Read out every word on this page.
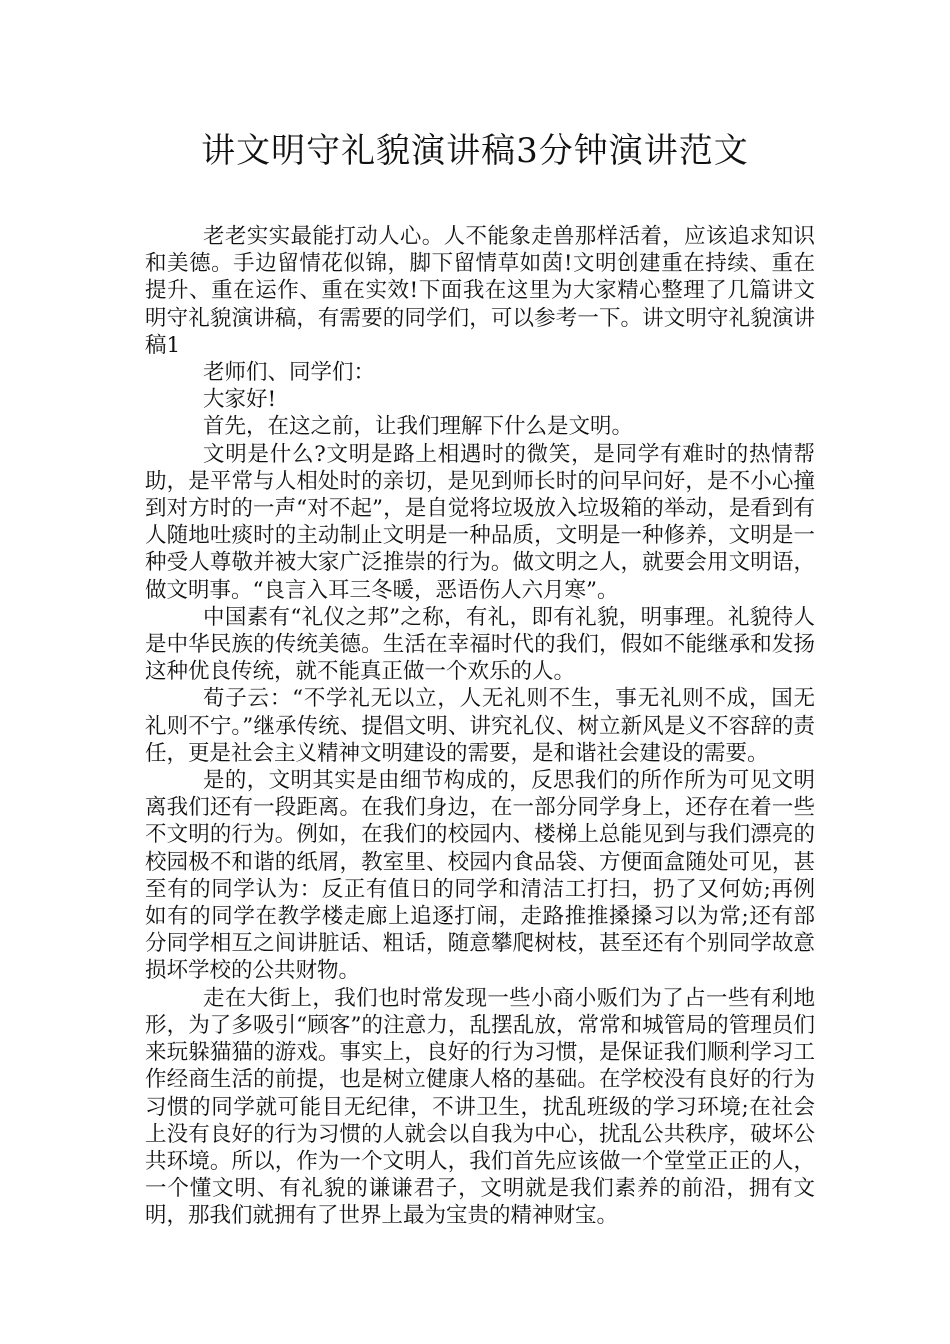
讲文明守礼貌演讲稿3分钟演讲范文

老老实实最能打动人心。人不能象走兽那样活着，应该追求知识和美德。手边留情花似锦，脚下留情草如茵!文明创建重在持续、重在提升、重在运作、重在实效!下面我在这里为大家精心整理了几篇讲文明守礼貌演讲稿，有需要的同学们，可以参考一下。讲文明守礼貌演讲稿1

老师们、同学们：

大家好!

首先，在这之前，让我们理解下什么是文明。

文明是什么?文明是路上相遇时的微笑，是同学有难时的热情帮助，是平常与人相处时的亲切，是见到师长时的问早问好，是不小心撞到对方时的一声“对不起”，是自觉将垃圾放入垃圾箱的举动，是看到有人随地吐痰时的主动制止文明是一种品质，文明是一种修养，文明是一种受人尊敬并被大家广泛推崇的行为。做文明之人，就要会用文明语，做文明事。“良言入耳三冬暖，恶语伤人六月寒”。

中国素有“礼仪之邦”之称，有礼，即有礼貌，明事理。礼貌待人是中华民族的传统美德。生活在幸福时代的我们，假如不能继承和发扬这种优良传统，就不能真正做一个欢乐的人。

荀子云：“不学礼无以立，人无礼则不生，事无礼则不成，国无礼则不宁。”继承传统、提倡文明、讲究礼仪、树立新风是义不容辞的责任，更是社会主义精神文明建设的需要，是和谐社会建设的需要。

是的，文明其实是由细节构成的，反思我们的所作所为可见文明离我们还有一段距离。在我们身边，在一部分同学身上，还存在着一些不文明的行为。例如，在我们的校园内、楼梯上总能见到与我们漂亮的校园极不和谐的纸屑，教室里、校园内食品袋、方便面盒随处可见，甚至有的同学认为：反正有值日的同学和清洁工打扫，扔了又何妨;再例如有的同学在教学楼走廊上追逐打闹，走路推推搡搡习以为常;还有部分同学相互之间讲脏话、粗话，随意攀爬树枝，甚至还有个别同学故意损坏学校的公共财物。

走在大街上，我们也时常发现一些小商小贩们为了占一些有利地形，为了多吸引“顾客”的注意力，乱摆乱放，常常和城管局的管理员们来玩躲猫猫的游戏。事实上，良好的行为习惯，是保证我们顺利学习工作经商生活的前提，也是树立健康人格的基础。在学校没有良好的行为习惯的同学就可能目无纪律，不讲卫生，扰乱班级的学习环境;在社会上没有良好的行为习惯的人就会以自我为中心，扰乱公共秩序，破坏公共环境。所以，作为一个文明人，我们首先应该做一个堂堂正正的人，一个懂文明、有礼貌的谦谦君子，文明就是我们素养的前沿，拥有文明，那我们就拥有了世界上最为宝贵的精神财宝。
